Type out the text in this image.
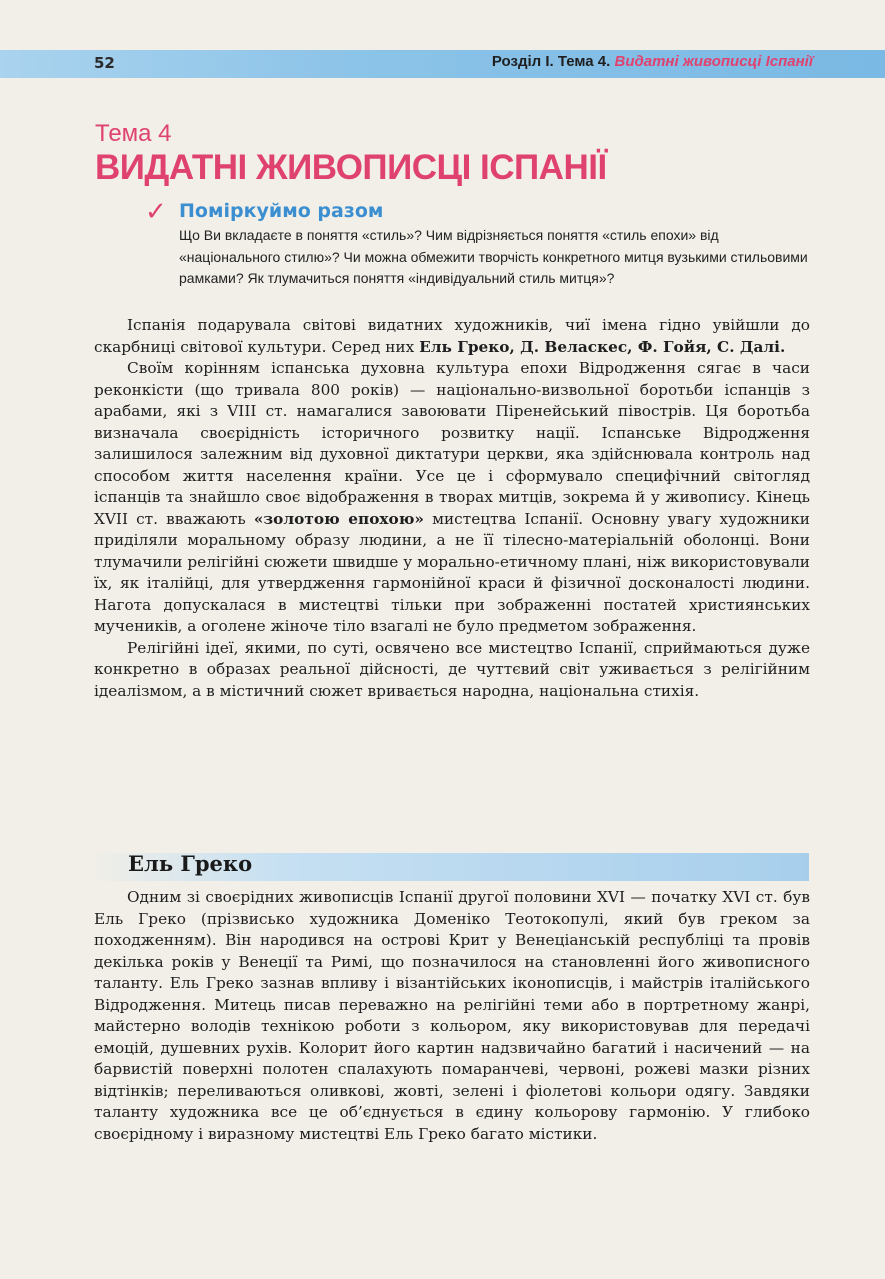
52	Розділ І. Тема 4. Видатні живописці Іспанії
Тема 4
ВИДАТНІ ЖИВОПИСЦІ ІСПАНІЇ
✓ Поміркуймо разом
Що Ви вкладаєте в поняття «стиль»? Чим відрізняється поняття «стиль епохи» від «національного стилю»? Чи можна обмежити творчість конкретного митця вузькими стильовими рамками? Як тлумачиться поняття «індивідуальний стиль митця»?

Іспанія подарувала світові видатних художників, чиї імена гідно увійшли до скарбниці світової культури. Серед них Ель Греко, Д. Веласкес, Ф. Гойя, С. Далі.

Своїм корінням іспанська духовна культура епохи Відродження сягає в часи реконкісти (що тривала 800 років) — національно-визвольної боротьби іспанців з арабами, які з VIII ст. намагалися завоювати Піренейський півострів. Ця боротьба визначала своєрідність історичного розвитку нації. Іспанське Відродження залишилося залежним від духовної диктатури церкви, яка здійснювала контроль над способом життя населення країни. Усе це і сформувало специфічний світогляд іспанців та знайшло своє відображення в творах митців, зокрема й у живопису. Кінець XVII ст. вважають «золотою епохою» мистецтва Іспанії. Основну увагу художники приділяли моральному образу людини, а не її тілесно-матеріальній оболонці. Вони тлумачили релігійні сюжети швидше у морально-етичному плані, ніж використовували їх, як італійці, для утвердження гармонійної краси й фізичної досконалості людини. Нагота допускалася в мистецтві тільки при зображенні постатей християнських мучеників, а оголене жіноче тіло взагалі не було предметом зображення.

Релігійні ідеї, якими, по суті, освячено все мистецтво Іспанії, сприймаються дуже конкретно в образах реальної дійсності, де чуттєвий світ уживається з релігійним ідеалізмом, а в містичний сюжет вривається народна, національна стихія.

Ель Греко

Одним зі своєрідних живописців Іспанії другої половини XVI — початку XVI ст. був Ель Греко (прізвисько художника Доменіко Теотокопулі, який був греком за походженням). Він народився на острові Крит у Венеціанській республіці та провів декілька років у Венеції та Римі, що позначилося на становленні його живописного таланту. Ель Греко зазнав впливу і візантійських іконописців, і майстрів італійського Відродження. Митець писав переважно на релігійні теми або в портретному жанрі, майстерно володів технікою роботи з кольором, яку використовував для передачі емоцій, душевних рухів. Колорит його картин надзвичайно багатий і насичений — на барвистій поверхні полотен спалахують помаранчеві, червоні, рожеві мазки різних відтінків; переливаються оливкові, жовті, зелені і фіолетові кольори одягу. Завдяки таланту художника все це об’єднується в єдину кольорову гармонію. У глибоко своєрідному і виразному мистецтві Ель Греко багато містики.
